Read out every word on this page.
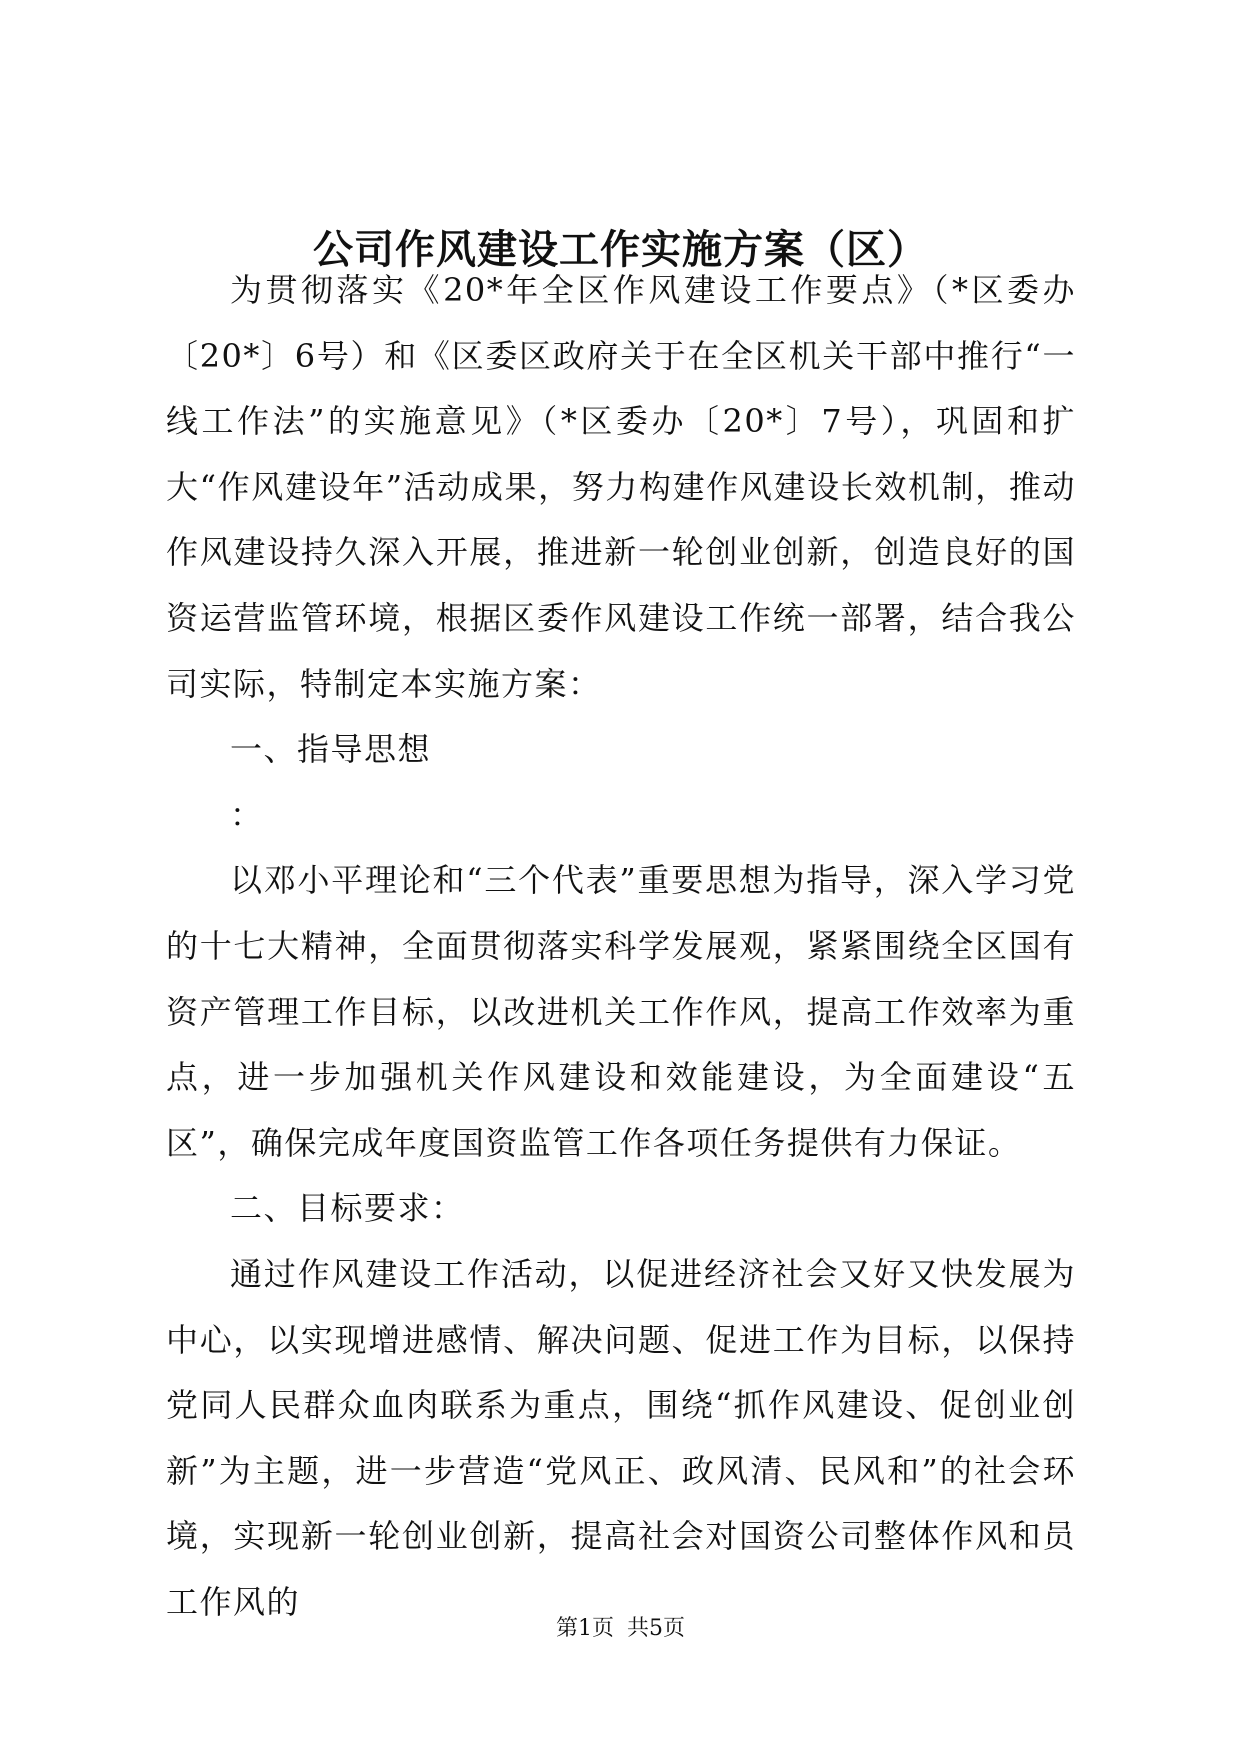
公司作风建设工作实施方案（区）

为贯彻落实《20*年全区作风建设工作要点》（*区委办〔20*〕6号）和《区委区政府关于在全区机关干部中推行“一线工作法”的实施意见》（*区委办〔20*〕7号），巩固和扩大“作风建设年”活动成果，努力构建作风建设长效机制，推动作风建设持久深入开展，推进新一轮创业创新，创造良好的国资运营监管环境，根据区委作风建设工作统一部署，结合我公司实际，特制定本实施方案：

一、指导思想

：

以邓小平理论和“三个代表”重要思想为指导，深入学习党的十七大精神，全面贯彻落实科学发展观，紧紧围绕全区国有资产管理工作目标，以改进机关工作作风，提高工作效率为重点，进一步加强机关作风建设和效能建设，为全面建设“五区”，确保完成年度国资监管工作各项任务提供有力保证。

二、目标要求：

通过作风建设工作活动，以促进经济社会又好又快发展为中心，以实现增进感情、解决问题、促进工作为目标，以保持党同人民群众血肉联系为重点，围绕“抓作风建设、促创业创新”为主题，进一步营造“党风正、政风清、民风和”的社会环境，实现新一轮创业创新，提高社会对国资公司整体作风和员工作风的

第1页 共5页
